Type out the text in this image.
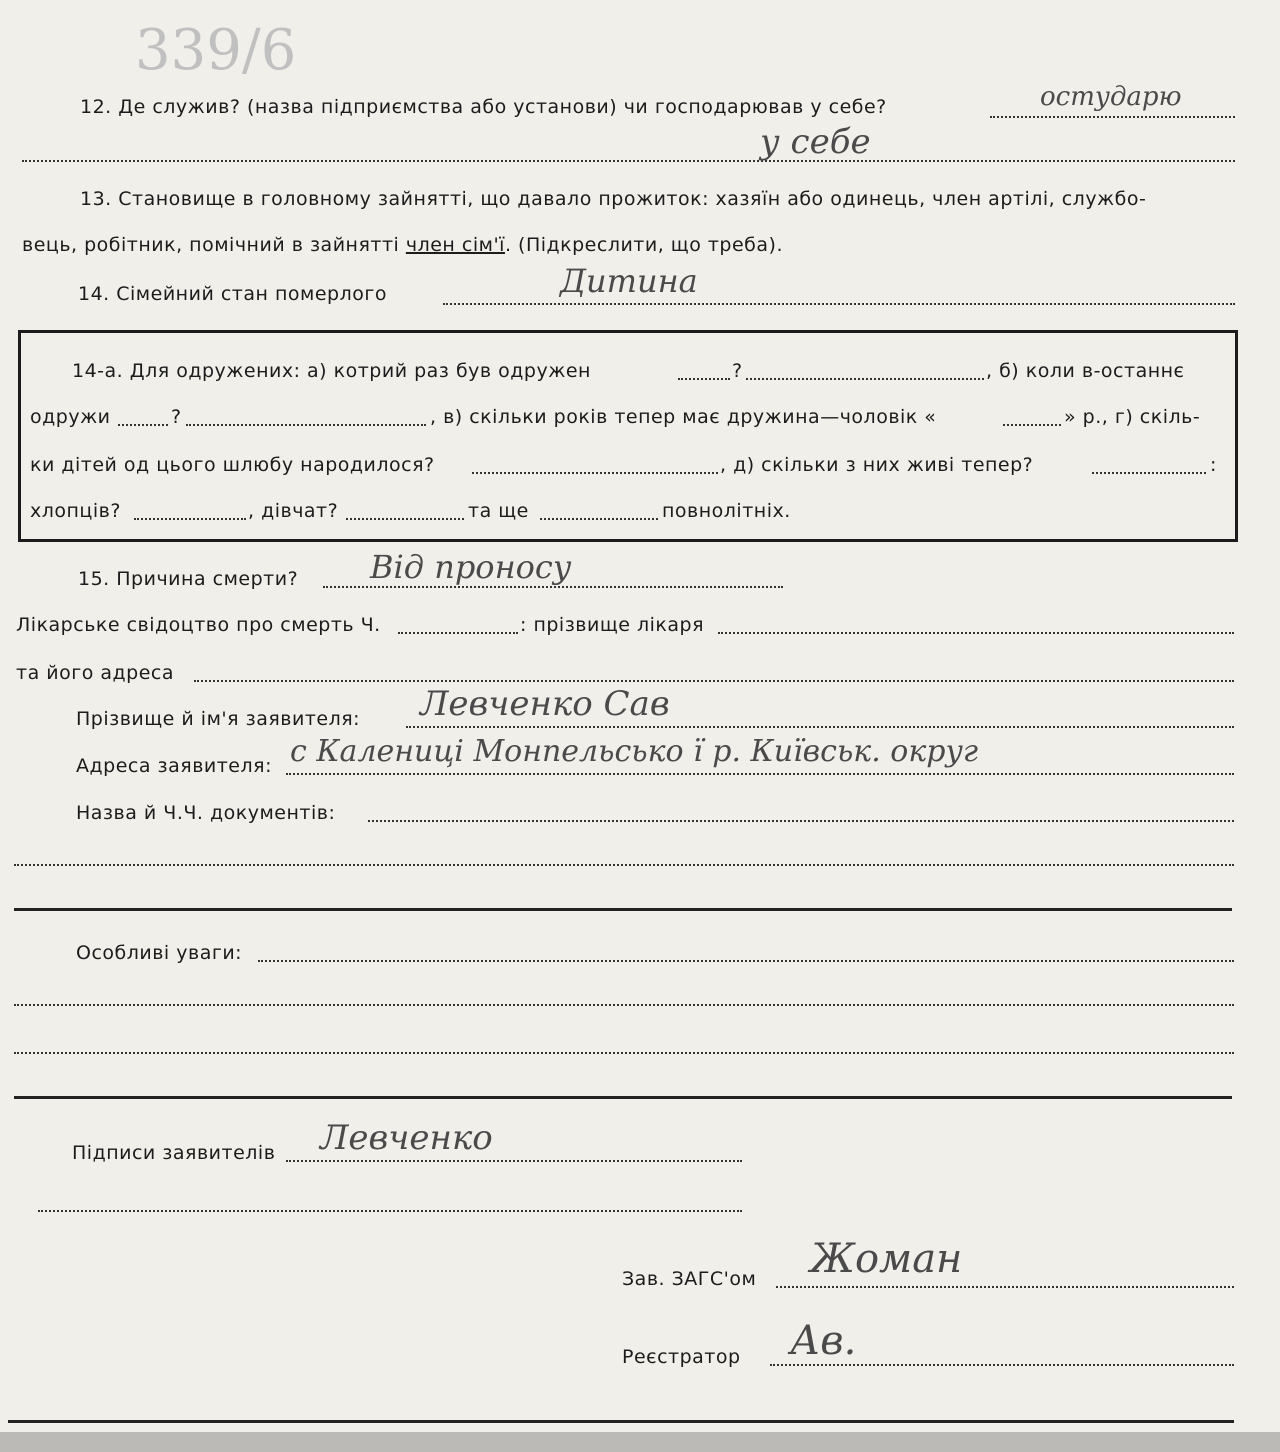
339/6
12. Де служив? (назва підприємства або установи) чи господарював у себе?	остударю
у себе
13. Становище в головному зайнятті, що давало прожиток: хазяїн або одинець, член артілі, службо-
вець, робітник, помічний в зайнятті член сім'ї. (Підкреслити, що треба).
14. Сімейний стан померлого	Дитина
14-а. Для одружених: а) котрий раз був одружен	?	, б) коли в-останнє
одружи	?	, в) скільки років тепер має дружина—чоловік «	» р., г) скіль-
ки дітей од цього шлюбу народилося?	, д) скільки з них живі тепер?	:
хлопців?	, дівчат?	та ще	повнолітніх.
15. Причина смерти? Від проносу
Лікарське свідоцтво про смерть Ч.	: прізвище лікаря
та його адреса
Прізвище й ім'я заявителя: Левченко Сав
Адреса заявителя: с Калениці Монпельсько ї р. Київськ. округ
Назва й Ч.Ч. документів:
Особливі уваги:
Підписи заявителів Левченко
Зав. ЗАГС'ом Жоман
Реєстратор Ав.
